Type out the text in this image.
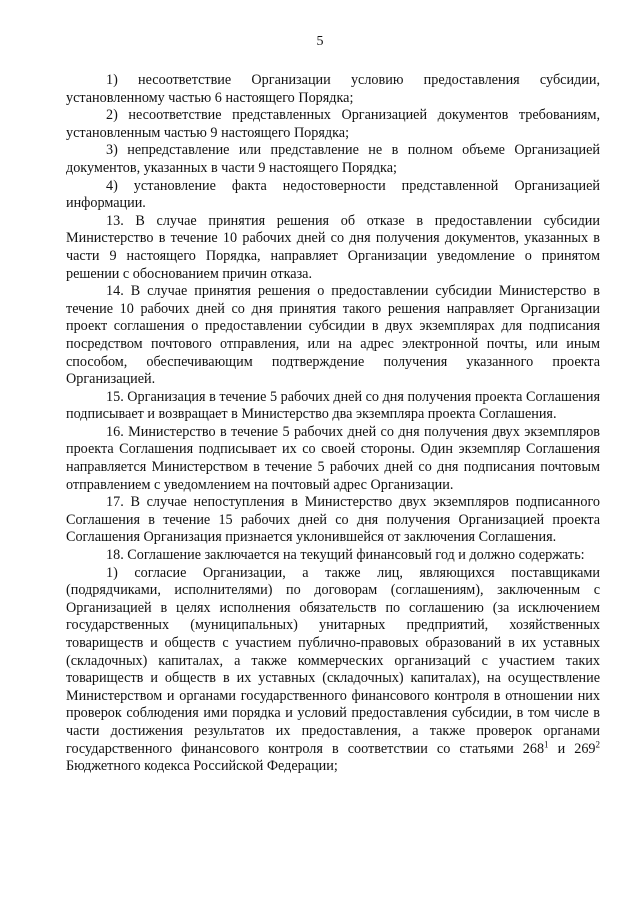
5

1) несоответствие Организации условию предоставления субсидии, установленному частью 6 настоящего Порядка;

2) несоответствие представленных Организацией документов требованиям, установленным частью 9 настоящего Порядка;

3) непредставление или представление не в полном объеме Организацией документов, указанных в части 9 настоящего Порядка;

4) установление факта недостоверности представленной Организацией информации.

13. В случае принятия решения об отказе в предоставлении субсидии Министерство в течение 10 рабочих дней со дня получения документов, указанных в части 9 настоящего Порядка, направляет Организации уведомление о принятом решении с обоснованием причин отказа.

14. В случае принятия решения о предоставлении субсидии Министерство в течение 10 рабочих дней со дня принятия такого решения направляет Организации проект соглашения о предоставлении субсидии в двух экземплярах для подписания посредством почтового отправления, или на адрес электронной почты, или иным способом, обеспечивающим подтверждение получения указанного проекта Организацией.

15. Организация в течение 5 рабочих дней со дня получения проекта Соглашения подписывает и возвращает в Министерство два экземпляра проекта Соглашения.

16. Министерство в течение 5 рабочих дней со дня получения двух экземпляров проекта Соглашения подписывает их со своей стороны. Один экземпляр Соглашения направляется Министерством в течение 5 рабочих дней со дня подписания почтовым отправлением с уведомлением на почтовый адрес Организации.

17. В случае непоступления в Министерство двух экземпляров подписанного Соглашения в течение 15 рабочих дней со дня получения Организацией проекта Соглашения Организация признается уклонившейся от заключения Соглашения.

18. Соглашение заключается на текущий финансовый год и должно содержать:

1) согласие Организации, а также лиц, являющихся поставщиками (подрядчиками, исполнителями) по договорам (соглашениям), заключенным с Организацией в целях исполнения обязательств по соглашению (за исключением государственных (муниципальных) унитарных предприятий, хозяйственных товариществ и обществ с участием публично-правовых образований в их уставных (складочных) капиталах, а также коммерческих организаций с участием таких товариществ и обществ в их уставных (складочных) капиталах), на осуществление Министерством и органами государственного финансового контроля в отношении них проверок соблюдения ими порядка и условий предоставления субсидии, в том числе в части достижения результатов их предоставления, а также проверок органами государственного финансового контроля в соответствии со статьями $268^1$ и $269^2$ Бюджетного кодекса Российской Федерации;
